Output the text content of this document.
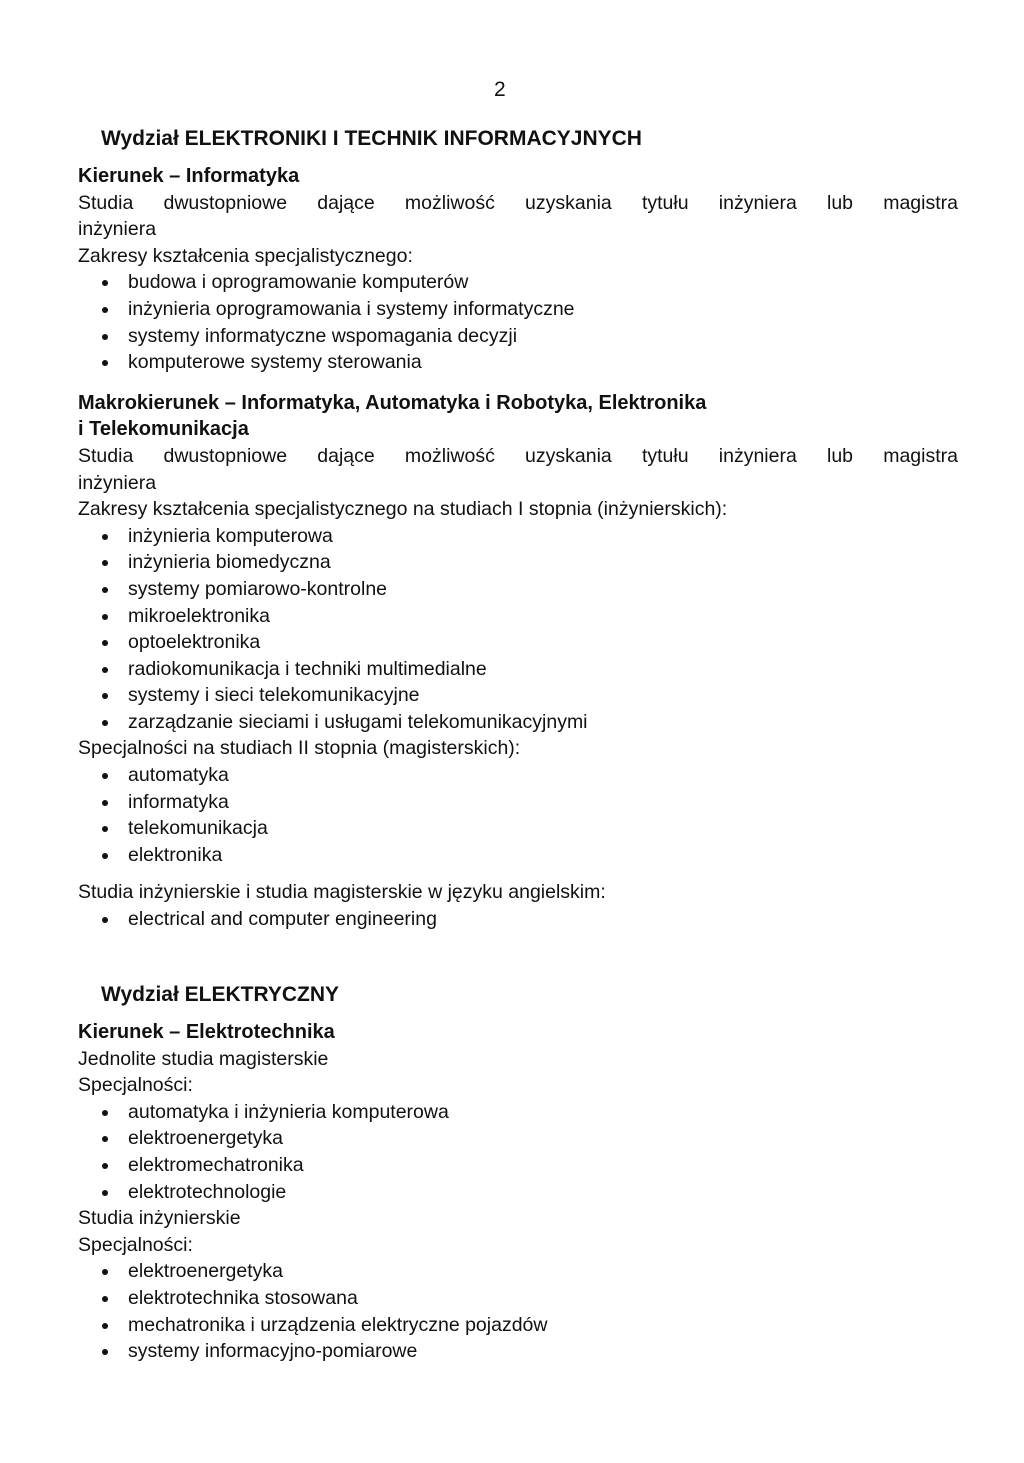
2
Wydział ELEKTRONIKI I TECHNIK INFORMACYJNYCH
Kierunek – Informatyka
Studia dwustopniowe dające możliwość uzyskania tytułu inżyniera lub magistra
inżyniera
Zakresy kształcenia specjalistycznego:
budowa i oprogramowanie komputerów
inżynieria oprogramowania i systemy informatyczne
systemy informatyczne wspomagania decyzji
komputerowe systemy sterowania
Makrokierunek – Informatyka, Automatyka i Robotyka, Elektronika
i Telekomunikacja
Studia dwustopniowe dające możliwość uzyskania tytułu inżyniera lub magistra
inżyniera
Zakresy kształcenia specjalistycznego na studiach I stopnia (inżynierskich):
inżynieria komputerowa
inżynieria biomedyczna
systemy pomiarowo-kontrolne
mikroelektronika
optoelektronika
radiokomunikacja i techniki multimedialne
systemy i sieci telekomunikacyjne
zarządzanie sieciami i usługami telekomunikacyjnymi
Specjalności na studiach II stopnia (magisterskich):
automatyka
informatyka
telekomunikacja
elektronika
Studia inżynierskie i studia magisterskie w języku angielskim:
electrical and computer engineering
Wydział ELEKTRYCZNY
Kierunek – Elektrotechnika
Jednolite studia magisterskie
Specjalności:
automatyka i inżynieria komputerowa
elektroenergetyka
elektromechatronika
elektrotechnologie
Studia inżynierskie
Specjalności:
elektroenergetyka
elektrotechnika stosowana
mechatronika i urządzenia elektryczne pojazdów
systemy informacyjno-pomiarowe
